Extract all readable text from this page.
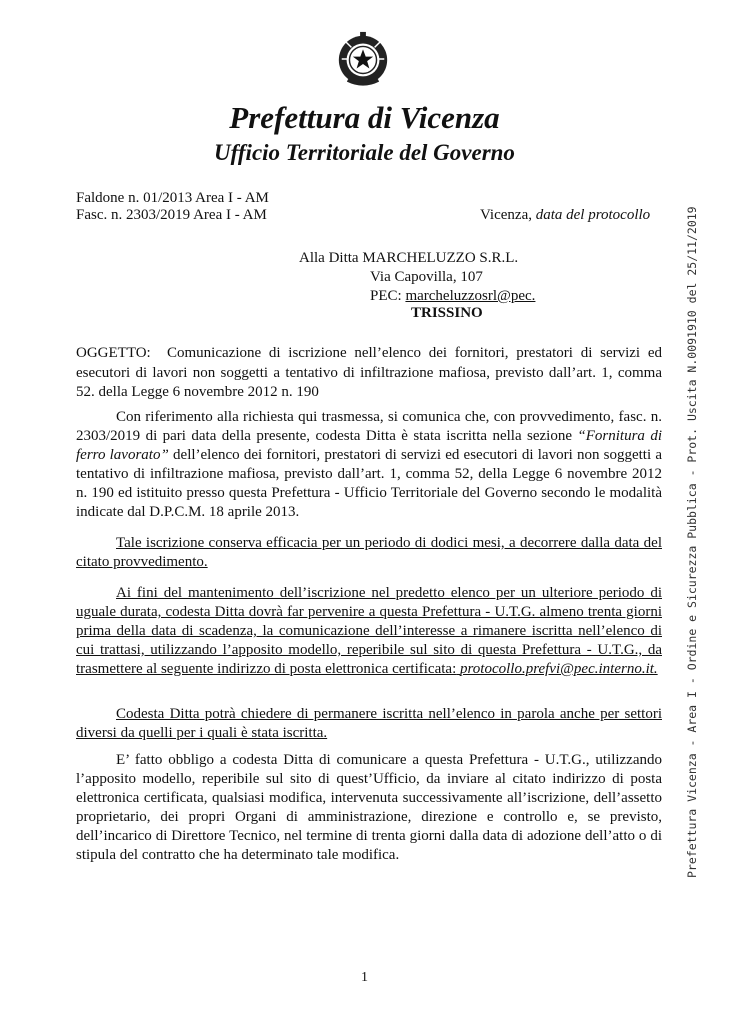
Prefettura di Vicenza
Ufficio Territoriale del Governo
Faldone n. 01/2013 Area I - AM
Fasc. n. 2303/2019 Area I - AM	Vicenza, data del protocollo
Alla Ditta MARCHELUZZO S.R.L.
Via Capovilla, 107
PEC: marcheluzzosrl@pec.
TRISSINO
OGGETTO: Comunicazione di iscrizione nell’elenco dei fornitori, prestatori di servizi ed
esecutori di lavori non soggetti a tentativo di infiltrazione mafiosa, previsto dall’art. 1, comma 52. della Legge 6 novembre 2012 n. 190
Con riferimento alla richiesta qui trasmessa, si comunica che, con provvedimento, fasc. n. 2303/2019 di pari data della presente, codesta Ditta è stata iscritta nella sezione “Fornitura di ferro lavorato” dell’elenco dei fornitori, prestatori di servizi ed esecutori di lavori non soggetti a tentativo di infiltrazione mafiosa, previsto dall’art. 1, comma 52, della Legge 6 novembre 2012 n. 190 ed istituito presso questa Prefettura - Ufficio Territoriale del Governo secondo le modalità indicate dal D.P.C.M. 18 aprile 2013.
Tale iscrizione conserva efficacia per un periodo di dodici mesi, a decorrere dalla data del citato provvedimento.
Ai fini del mantenimento dell’iscrizione nel predetto elenco per un ulteriore periodo di uguale durata, codesta Ditta dovrà far pervenire a questa Prefettura - U.T.G. almeno trenta giorni prima della data di scadenza, la comunicazione dell’interesse a rimanere iscritta nell’elenco di cui trattasi, utilizzando l’apposito modello, reperibile sul sito di questa Prefettura - U.T.G., da trasmettere al seguente indirizzo di posta elettronica certificata: protocollo.prefvi@pec.interno.it.
Codesta Ditta potrà chiedere di permanere iscritta nell’elenco in parola anche per settori diversi da quelli per i quali è stata iscritta.
E’ fatto obbligo a codesta Ditta di comunicare a questa Prefettura - U.T.G., utilizzando l’apposito modello, reperibile sul sito di quest’Ufficio, da inviare al citato indirizzo di posta elettronica certificata, qualsiasi modifica, intervenuta successivamente all’iscrizione, dell’assetto proprietario, dei propri Organi di amministrazione, direzione e controllo e, se previsto, dell’incarico di Direttore Tecnico, nel termine di trenta giorni dalla data di adozione dell’atto o di stipula del contratto che ha determinato tale modifica.	Prefettura Vicenza - Area I - Ordine e Sicurezza Pubblica - Prot. Uscita N.0091910 del 25/11/2019
1
